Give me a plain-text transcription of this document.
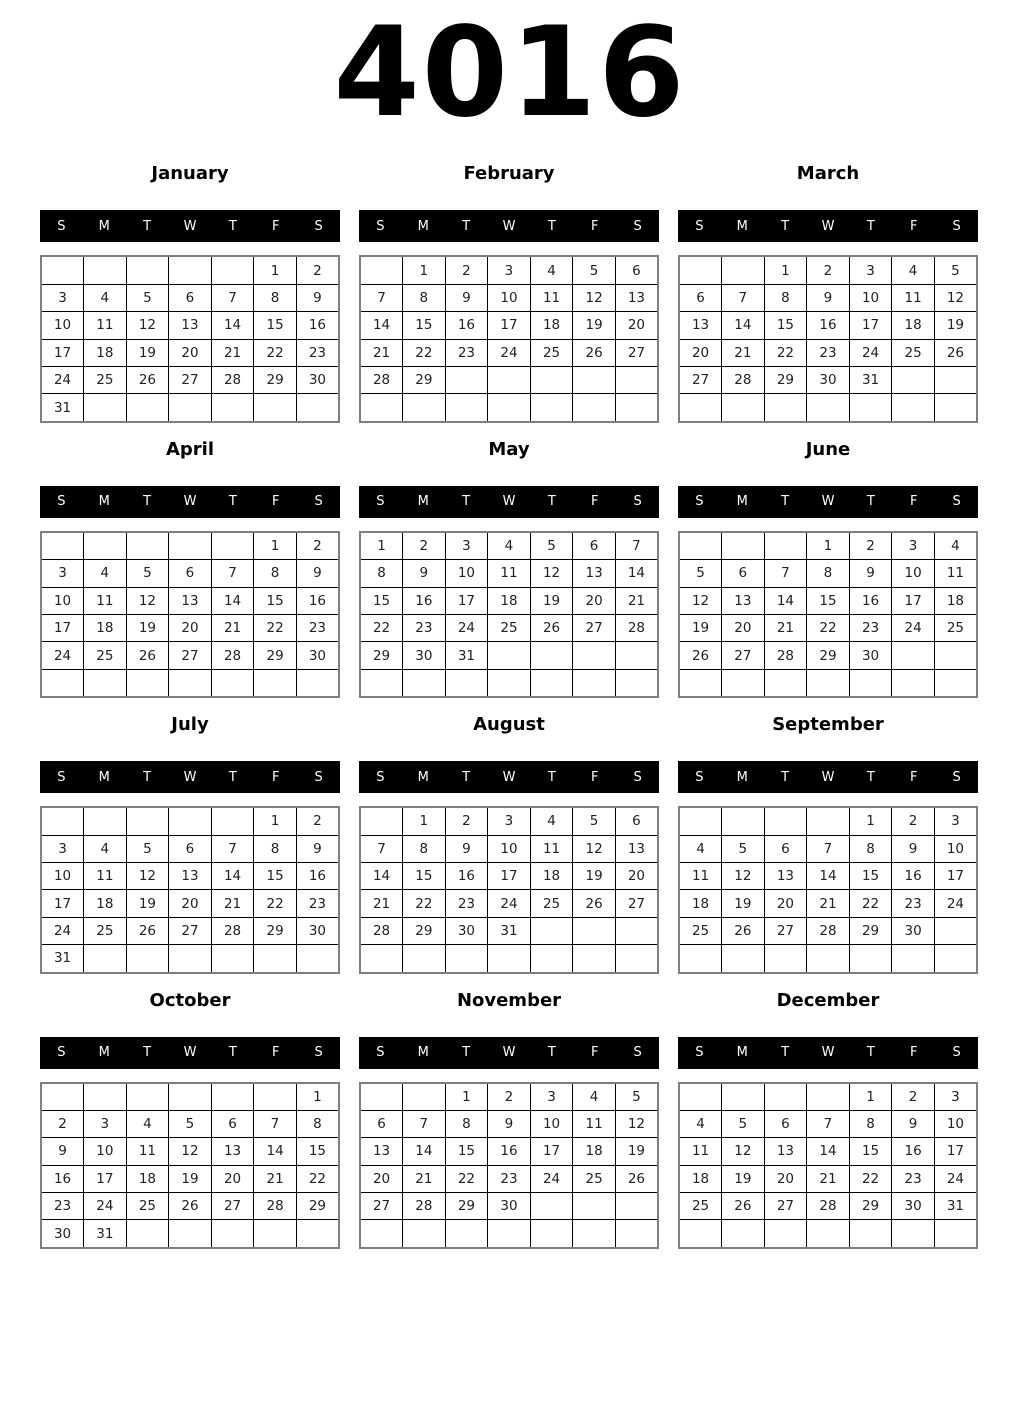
4016
January
S	M	T	W	T	F	S
					1	2
3	4	5	6	7	8	9
10	11	12	13	14	15	16
17	18	19	20	21	22	23
24	25	26	27	28	29	30
31						
February
S	M	T	W	T	F	S
	1	2	3	4	5	6
7	8	9	10	11	12	13
14	15	16	17	18	19	20
21	22	23	24	25	26	27
28	29					

March
S	M	T	W	T	F	S
		1	2	3	4	5
6	7	8	9	10	11	12
13	14	15	16	17	18	19
20	21	22	23	24	25	26
27	28	29	30	31		

April
S	M	T	W	T	F	S
					1	2
3	4	5	6	7	8	9
10	11	12	13	14	15	16
17	18	19	20	21	22	23
24	25	26	27	28	29	30

May
S	M	T	W	T	F	S
1	2	3	4	5	6	7
8	9	10	11	12	13	14
15	16	17	18	19	20	21
22	23	24	25	26	27	28
29	30	31				

June
S	M	T	W	T	F	S
			1	2	3	4
5	6	7	8	9	10	11
12	13	14	15	16	17	18
19	20	21	22	23	24	25
26	27	28	29	30		

July
S	M	T	W	T	F	S
					1	2
3	4	5	6	7	8	9
10	11	12	13	14	15	16
17	18	19	20	21	22	23
24	25	26	27	28	29	30
31						
August
S	M	T	W	T	F	S
	1	2	3	4	5	6
7	8	9	10	11	12	13
14	15	16	17	18	19	20
21	22	23	24	25	26	27
28	29	30	31			

September
S	M	T	W	T	F	S
				1	2	3
4	5	6	7	8	9	10
11	12	13	14	15	16	17
18	19	20	21	22	23	24
25	26	27	28	29	30	

October
S	M	T	W	T	F	S
						1
2	3	4	5	6	7	8
9	10	11	12	13	14	15
16	17	18	19	20	21	22
23	24	25	26	27	28	29
30	31					
November
S	M	T	W	T	F	S
		1	2	3	4	5
6	7	8	9	10	11	12
13	14	15	16	17	18	19
20	21	22	23	24	25	26
27	28	29	30			

December
S	M	T	W	T	F	S
				1	2	3
4	5	6	7	8	9	10
11	12	13	14	15	16	17
18	19	20	21	22	23	24
25	26	27	28	29	30	31
